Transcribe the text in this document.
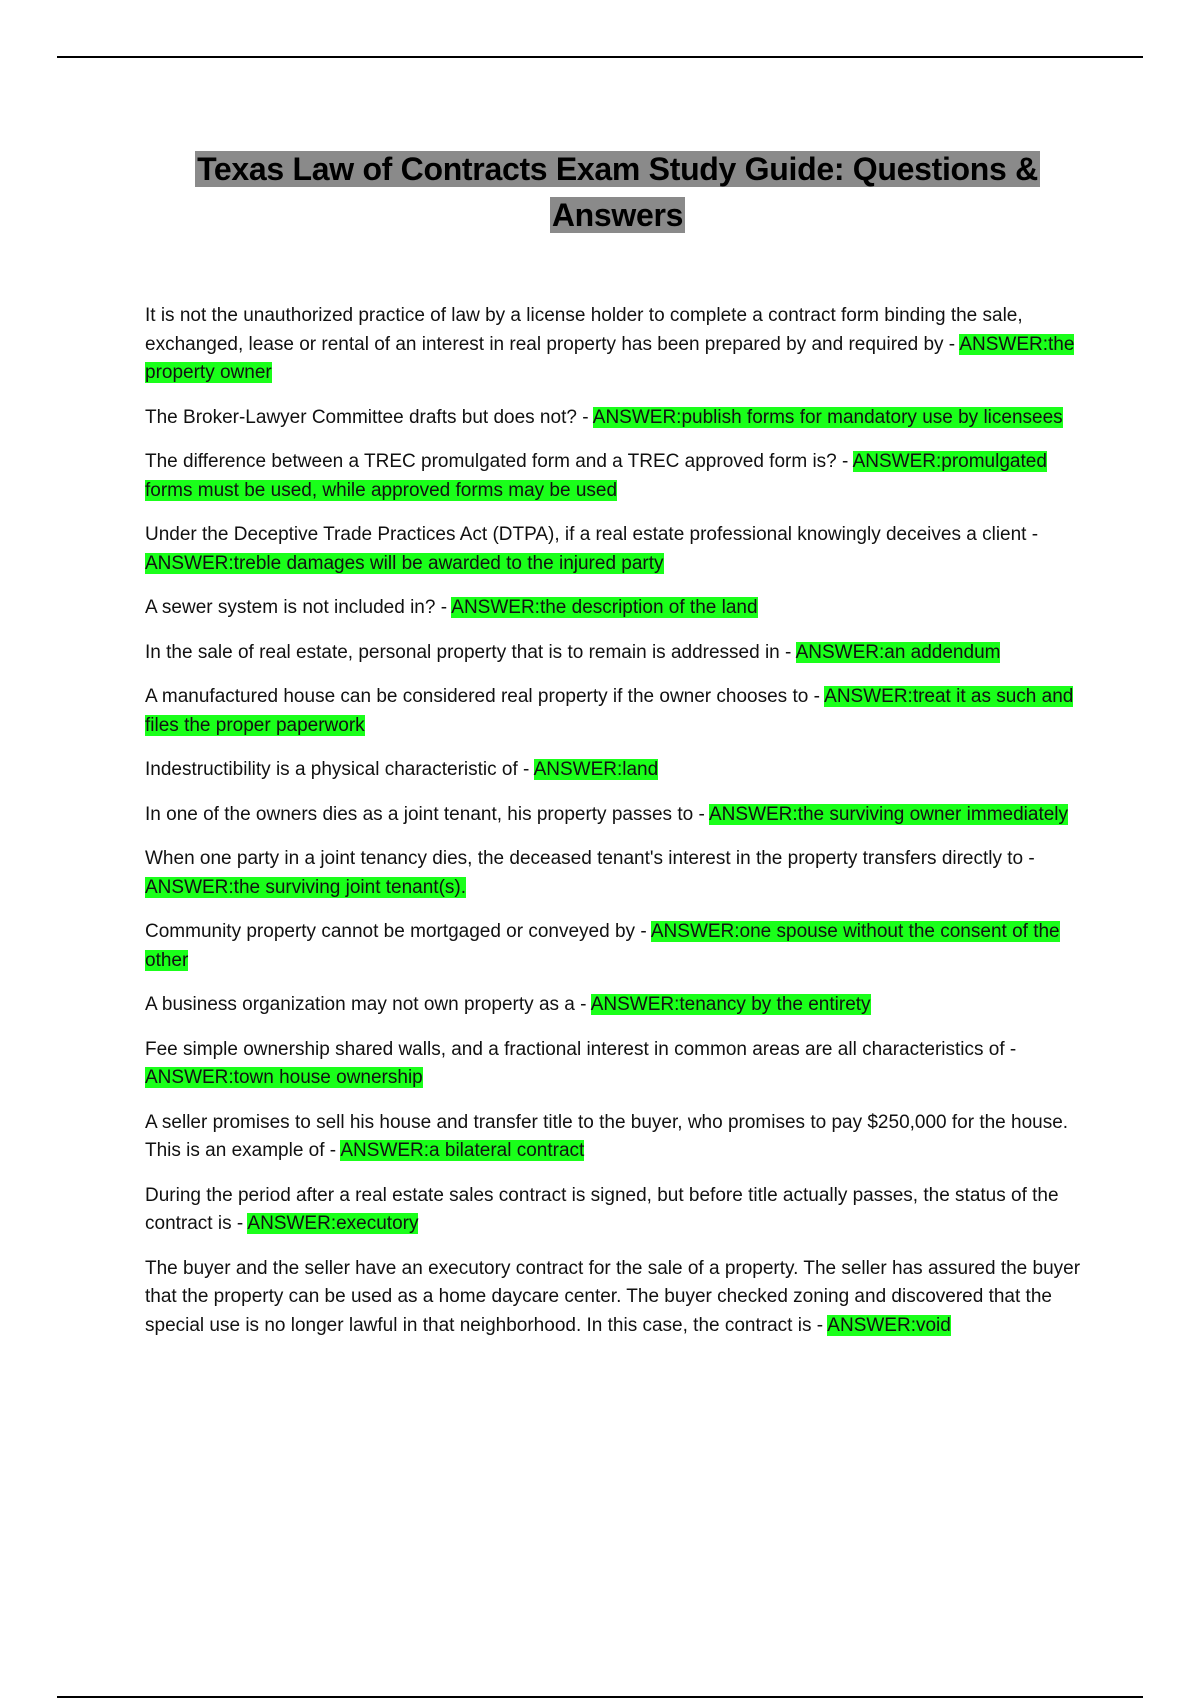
Texas Law of Contracts Exam Study Guide: Questions &
Answers

It is not the unauthorized practice of law by a license holder to complete a contract form binding the sale, exchanged, lease or rental of an interest in real property has been prepared by and required by - ANSWER:the property owner

The Broker-Lawyer Committee drafts but does not? - ANSWER:publish forms for mandatory use by licensees

The difference between a TREC promulgated form and a TREC approved form is? - ANSWER:promulgated forms must be used, while approved forms may be used

Under the Deceptive Trade Practices Act (DTPA), if a real estate professional knowingly deceives a client - ANSWER:treble damages will be awarded to the injured party

A sewer system is not included in? - ANSWER:the description of the land

In the sale of real estate, personal property that is to remain is addressed in - ANSWER:an addendum

A manufactured house can be considered real property if the owner chooses to - ANSWER:treat it as such and files the proper paperwork

Indestructibility is a physical characteristic of - ANSWER:land

In one of the owners dies as a joint tenant, his property passes to - ANSWER:the surviving owner immediately

When one party in a joint tenancy dies, the deceased tenant's interest in the property transfers directly to - ANSWER:the surviving joint tenant(s).

Community property cannot be mortgaged or conveyed by - ANSWER:one spouse without the consent of the other

A business organization may not own property as a - ANSWER:tenancy by the entirety

Fee simple ownership shared walls, and a fractional interest in common areas are all characteristics of - ANSWER:town house ownership

A seller promises to sell his house and transfer title to the buyer, who promises to pay $250,000 for the house. This is an example of - ANSWER:a bilateral contract

During the period after a real estate sales contract is signed, but before title actually passes, the status of the contract is - ANSWER:executory

The buyer and the seller have an executory contract for the sale of a property. The seller has assured the buyer that the property can be used as a home daycare center. The buyer checked zoning and discovered that the special use is no longer lawful in that neighborhood. In this case, the contract is - ANSWER:void
